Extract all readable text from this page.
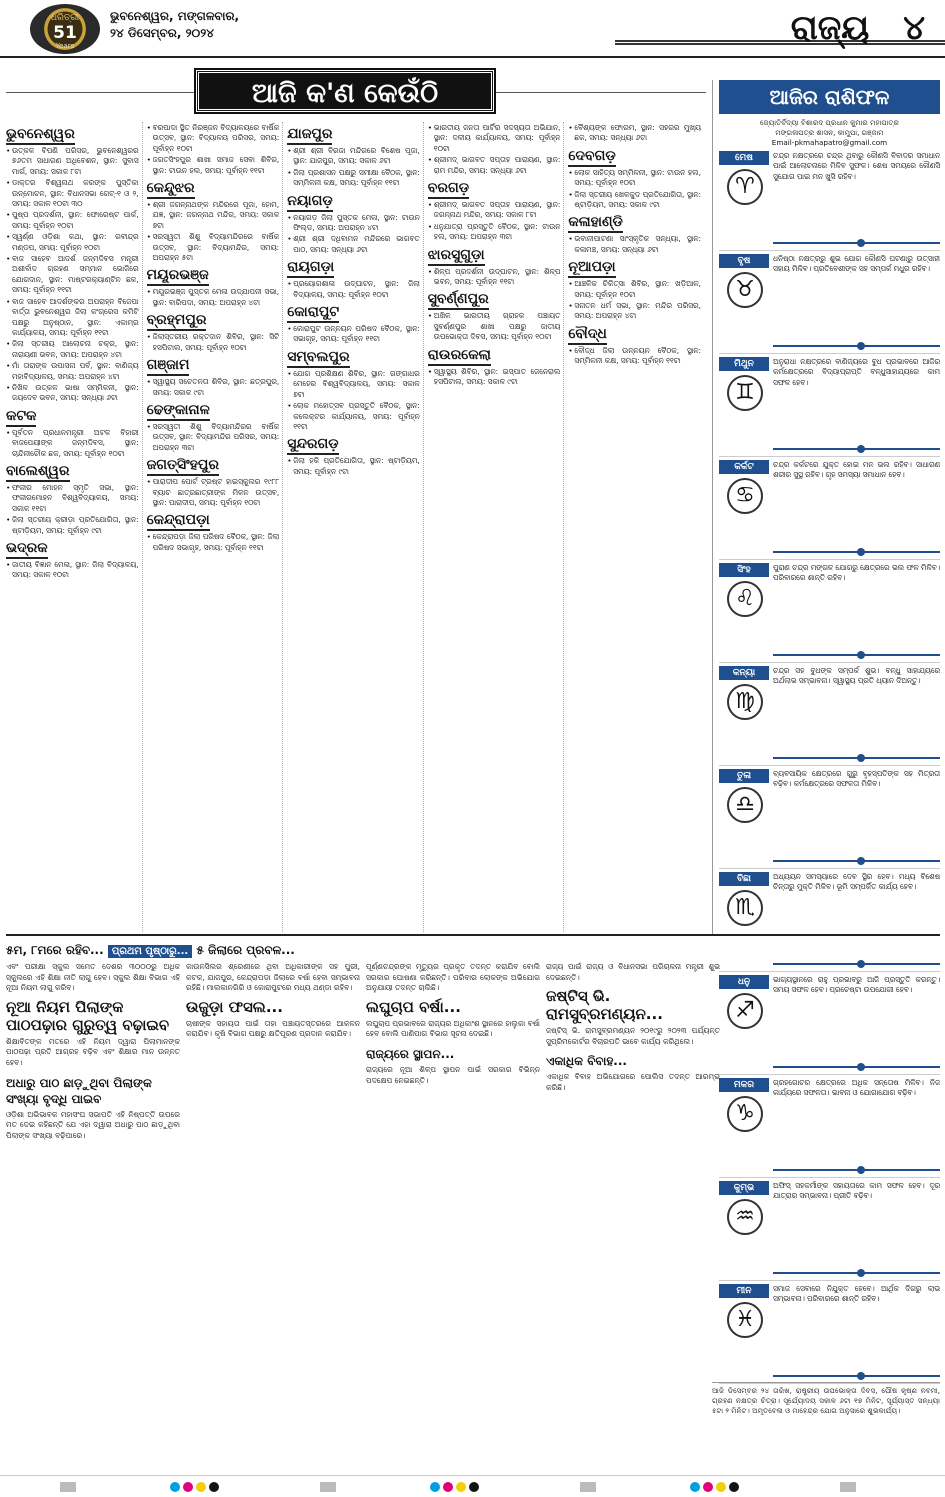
ଧରିତ୍ରୀ
51
Years
ଭୁବନେଶ୍ୱର, ମଙ୍ଗଳବାର,
୨୪ ଡିସେମ୍ବର, ୨୦୨୪	ରାଜ୍ୟ ୪
ଆଜି କ'ଣ କେଉଁଠି
ଭୁବନେଶ୍ୱର
• ଉତ୍କଳ ବିପଣି ପରିସର, ଭୁବନେଶ୍ୱରର ୭୬ତମ ସାଧାରଣ ଅଧିବେଶନ, ସ୍ଥାନ: ସୁବାସ ମାର୍ଗ, ସମୟ: ସକାଳ ୮ଟା
• ଡାକ୍ତର ବିଶ୍ୱନାଥ କରଙ୍କ ପୁସ୍ତିକା ଉନ୍ମୋଚନ, ସ୍ଥାନ: ବିଧାନସଭା ଗେଟ୍-୧ ଓ ୨, ସମୟ: ସକାଳ ୧୦ଟା ୩୦
• ପୁଷ୍ପ ପ୍ରଦର୍ଶନୀ, ସ୍ଥାନ: ଫୋରେଷ୍ଟ ପାର୍କ, ସମୟ: ପୂର୍ବାହ୍ନ ୧୦ଟା
• ସ୍ୱର୍ଣ୍ଣ ଓଡ଼ିଶା କଥା, ସ୍ଥାନ: ରବୀନ୍ଦ୍ର ମଣ୍ଡପ, ସମୟ: ପୂର୍ବାହ୍ନ ୧୦ଟା
• ବାଜ ସାହେବ ଆଦର୍ଶ ଜନ୍ମଦିବସ ମନ୍ତ୍ରୀ ଅଶୀର୍ବାଦ ଗ୍ରହଣ ସମ୍ମାନ ଭୋଜିରେ ଯୋଗଦାନ, ସ୍ଥାନ: ମାଷ୍ଟରକ୍ୟାଣ୍ଟିନ ଛକ, ସମୟ: ପୂର୍ବାହ୍ନ ୧୧ଟା
• ବାଜ ସାହେବ ଆଦର୍ଶଙ୍କର ଅପରାହ୍ନ ବିଜେପା ବାର୍ତ୍ତା ଭୁବନେଶ୍ୱର ଜିଲା କଂଗ୍ରେସ କମିଟି ପକ୍ଷରୁ ଅନୁଷ୍ଠାନ, ସ୍ଥାନ: ଏକାମ୍ର କାର୍ଯ୍ୟାଳୟ, ସମୟ: ପୂର୍ବାହ୍ନ ୧୧ଟା
• ଜିଲା ସ୍ତରୀୟ ଆଲୋଚନା ଚକ୍ର, ସ୍ଥାନ: ନାରାୟଣୀ ଭବନ, ସମୟ: ଅପରାହ୍ନ ୪ଟା
• ମାଁ ତାରାଙ୍କ ଉପାସନା ପର୍ବ, ସ୍ଥାନ: ବାଣିଜ୍ୟ ମହାବିଦ୍ୟାଳୟ, ସମୟ: ଅପରାହ୍ନ ୪ଟା
• ନିଖିଳ ଉତ୍କଳ ଭାଷା ସମ୍ମିଳନୀ, ସ୍ଥାନ: ଜୟଦେବ ଭବନ, ସମୟ: ସନ୍ଧ୍ୟା ୬ଟା
କଟକ
• ପୂର୍ବତନ ପ୍ରଧାନମନ୍ତ୍ରୀ ଅଟଳ ବିହାରୀ ବାଜପେୟୀଙ୍କ ଜନ୍ମଦିବସ, ସ୍ଥାନ: ଚାନ୍ଦିନୀଚୌକ ଛକ, ସମୟ: ପୂର୍ବାହ୍ନ ୧୦ଟା
ବାଲେଶ୍ୱର
• ଫକୀର ମୋହନ ସ୍ମୃତି ସଭା, ସ୍ଥାନ: ଫକୀରମୋହନ ବିଶ୍ୱବିଦ୍ୟାଳୟ, ସମୟ: ସକାଳ ୧୧ଟା
• ଜିଲା ସ୍ତରୀୟ କ୍ରୀଡ଼ା ପ୍ରତିଯୋଗିତା, ସ୍ଥାନ: ଷ୍ଟାଡ଼ିୟମ, ସମୟ: ପୂର୍ବାହ୍ନ ୯ଟା
ଭଦ୍ରକ
• ଜାତୀୟ ବିଜ୍ଞାନ ମେଳା, ସ୍ଥାନ: ଜିଲା ବିଦ୍ୟାଳୟ, ସମୟ: ସକାଳ ୧୦ଟା
• ବରପାଦା ସ୍ଥିତ ନିରଞ୍ଜନ ବିଦ୍ୟାଳୟରେ ବାର୍ଷିକ ଉତ୍ସବ, ସ୍ଥାନ: ବିଦ୍ୟାଳୟ ପରିସର, ସମୟ: ପୂର୍ବାହ୍ନ ୧୦ଟା
• ଜଗତସିଂହପୁର ଶାଖା ସମାଜ ସେବା ଶିବିର, ସ୍ଥାନ: ଟାଉନ ହଲ, ସମୟ: ପୂର୍ବାହ୍ନ ୧୧ଟା
କେନ୍ଦୁଝର
• ଶ୍ରୀ ଜଗନ୍ନାଥଙ୍କ ମନ୍ଦିରରେ ପୂଜା, ହୋମ, ଯଜ୍ଞ, ସ୍ଥାନ: ଜଗନ୍ନାଥ ମନ୍ଦିର, ସମୟ: ସକାଳ ୭ଟା
• ସରସ୍ୱତୀ ଶିଶୁ ବିଦ୍ୟାମନ୍ଦିରରେ ବାର୍ଷିକ ଉତ୍ସବ, ସ୍ଥାନ: ବିଦ୍ୟାମନ୍ଦିର, ସମୟ: ଅପରାହ୍ନ ୫ଟା
ମୟୂରଭଞ୍ଜ
• ମୟୂରଭଞ୍ଜ ପୁସ୍ତକ ମେଳା ଉଦ୍‌ଯାପନୀ ସଭା, ସ୍ଥାନ: ବାରିପଦା, ସମୟ: ଅପରାହ୍ନ ୪ଟା
ବ୍ରହ୍ମପୁର
• ଜିଲାସ୍ତରୀୟ ରକ୍ତଦାନ ଶିବିର, ସ୍ଥାନ: ସିଟି ହସପିଟାଲ, ସମୟ: ପୂର୍ବାହ୍ନ ୧୦ଟା
ଗଞ୍ଜାମ
• ସ୍ୱାସ୍ଥ୍ୟ ସଚେତନତା ଶିବିର, ସ୍ଥାନ: ଛତ୍ରପୁର, ସମୟ: ସକାଳ ୯ଟା
ଢେଙ୍କାନାଳ
• ସରସ୍ୱତୀ ଶିଶୁ ବିଦ୍ୟାମନ୍ଦିରର ବାର୍ଷିକ ଉତ୍ସବ, ସ୍ଥାନ: ବିଦ୍ୟାମନ୍ଦିର ପରିସର, ସମୟ: ଅପରାହ୍ନ ୩ଟା
ଜଗତ୍‌ସିଂହପୁର
• ପାରାଦୀପ ପୋର୍ଟ ଟ୍ରଷ୍ଟ ହାଇସ୍କୁଲର ୧୯୮୮ ବ୍ୟାଚ ଛାତ୍ରଛାତ୍ରୀଙ୍କ ମିଳନ ଉତ୍ସବ, ସ୍ଥାନ: ପାରାଦୀପ, ସମୟ: ପୂର୍ବାହ୍ନ ୧୦ଟା
କେନ୍ଦ୍ରାପଡ଼ା
• କେନ୍ଦ୍ରାପଡ଼ା ଜିଲା ପରିଷଦ ବୈଠକ, ସ୍ଥାନ: ଜିଲା ପରିଷଦ ସଭାଗୃହ, ସମୟ: ପୂର୍ବାହ୍ନ ୧୧ଟା
ଯାଜପୁର
• ଶ୍ରୀ ଶ୍ରୀ ବିରଜା ମନ୍ଦିରରେ ବିଶେଷ ପୂଜା, ସ୍ଥାନ: ଯାଜପୁର, ସମୟ: ସକାଳ ୬ଟା
• ଜିଲା ପ୍ରଶାସନ ପକ୍ଷରୁ ସମୀକ୍ଷା ବୈଠକ, ସ୍ଥାନ: ସମ୍ମିଳନୀ କକ୍ଷ, ସମୟ: ପୂର୍ବାହ୍ନ ୧୧ଟା
ନୟାଗଡ଼
• ନୟାଗଡ଼ ଜିଲା ପୁସ୍ତକ ମେଳା, ସ୍ଥାନ: ଟାଉନ ଫିଲ୍ଡ, ସମୟ: ଅପରାହ୍ନ ୪ଟା
• ଶ୍ରୀ ଶ୍ରୀ ଦଧିବାମନ ମନ୍ଦିରରେ ଭାଗବତ ପାଠ, ସମୟ: ସନ୍ଧ୍ୟା ୬ଟା
ରାୟଗଡ଼ା
• ପ୍ରୟୋଗଶାଳା ଉଦ୍‌ଘାଟନ, ସ୍ଥାନ: ଜିଲା ବିଦ୍ୟାଳୟ, ସମୟ: ପୂର୍ବାହ୍ନ ୧୦ଟା
କୋରାପୁଟ
• କୋରାପୁଟ ଉନ୍ନୟନ ପରିଷଦ ବୈଠକ, ସ୍ଥାନ: ସଭାଗୃହ, ସମୟ: ପୂର୍ବାହ୍ନ ୧୧ଟା
ସମ୍ବଲପୁର
• ଯୋଗ ପ୍ରଶିକ୍ଷଣ ଶିବିର, ସ୍ଥାନ: ଗଙ୍ଗାଧର ମେହେର ବିଶ୍ୱବିଦ୍ୟାଳୟ, ସମୟ: ସକାଳ ୭ଟା
• ଲୋକ ମହୋତ୍ସବ ପ୍ରସ୍ତୁତି ବୈଠକ, ସ୍ଥାନ: କଲେକ୍ଟର କାର୍ଯ୍ୟାଳୟ, ସମୟ: ପୂର୍ବାହ୍ନ ୧୧ଟା
ସୁନ୍ଦରଗଡ଼
• ଜିଲା ହକି ପ୍ରତିଯୋଗିତା, ସ୍ଥାନ: ଷ୍ଟାଡ଼ିୟମ, ସମୟ: ପୂର୍ବାହ୍ନ ୯ଟା
• ଭାରତୀୟ ଜନତା ପାର୍ଟିର ସଦସ୍ୟତା ଅଭିଯାନ, ସ୍ଥାନ: ଦଳୀୟ କାର୍ଯ୍ୟାଳୟ, ସମୟ: ପୂର୍ବାହ୍ନ ୧୦ଟା
• ଶ୍ରୀମଦ୍ ଭାଗବତ ସପ୍ତାହ ପାରାୟଣ, ସ୍ଥାନ: ରାମ ମନ୍ଦିର, ସମୟ: ସନ୍ଧ୍ୟା ୬ଟା
ବରଗଡ଼
• ଶ୍ରୀମଦ୍ ଭାଗବତ ସପ୍ତାହ ପାରାୟଣ, ସ୍ଥାନ: ଜଗନ୍ନାଥ ମନ୍ଦିର, ସମୟ: ସକାଳ ୮ଟା
• ଧନୁଯାତ୍ରା ପ୍ରସ୍ତୁତି ବୈଠକ, ସ୍ଥାନ: ଟାଉନ ହଲ, ସମୟ: ଅପରାହ୍ନ ୩ଟା
ଝାରସୁଗୁଡ଼ା
• ଶିଳ୍ପ ପ୍ରଦର୍ଶନୀ ଉଦ୍‌ଘାଟନ, ସ୍ଥାନ: ଶିଳ୍ପ ଭବନ, ସମୟ: ପୂର୍ବାହ୍ନ ୧୧ଟା
ସୁବର୍ଣ୍ଣପୁର
• ଅଖିଳ ଭାରତୀୟ ଗ୍ରାହକ ପଞ୍ଚାୟତ ସୁବର୍ଣ୍ଣପୁର ଶାଖା ପକ୍ଷରୁ ଜାତୀୟ ଉପଭୋକ୍ତା ଦିବସ, ସମୟ: ପୂର୍ବାହ୍ନ ୧୦ଟା
ରାଉରକେଲା
• ସ୍ୱାସ୍ଥ୍ୟ ଶିବିର, ସ୍ଥାନ: ଇସ୍ପାତ ଜେନେରାଲ ହସପିଟାଲ, ସମୟ: ସକାଳ ୯ଟା
• ବୈଶ୍ୟଙ୍କ ଫୋରମ, ସ୍ଥାନ: ସହରର ମୁଖ୍ୟ ଛକ, ସମୟ: ସନ୍ଧ୍ୟା ୬ଟା
ଦେବଗଡ଼
• ଲୋକ ସାହିତ୍ୟ ସମ୍ମିଳନୀ, ସ୍ଥାନ: ଟାଉନ ହଲ, ସମୟ: ପୂର୍ବାହ୍ନ ୧୦ଟା
• ଜିଲା ସ୍ତରୀୟ ଖେଳକୁଦ ପ୍ରତିଯୋଗିତା, ସ୍ଥାନ: ଷ୍ଟାଡ଼ିୟମ, ସମୟ: ସକାଳ ୯ଟା
କଳାହାଣ୍ଡି
• ଭବାନୀପାଟଣା ସାଂସ୍କୃତିକ ସନ୍ଧ୍ୟା, ସ୍ଥାନ: କଳାମଞ୍ଚ, ସମୟ: ସନ୍ଧ୍ୟା ୬ଟା
ନୂଆପଡ଼ା
• ଆଞ୍ଚଳିକ ଚିକିତ୍ସା ଶିବିର, ସ୍ଥାନ: ଖଡ଼ିଆଳ, ସମୟ: ପୂର୍ବାହ୍ନ ୧୦ଟା
• ସନାତନ ଧର୍ମ ସଭା, ସ୍ଥାନ: ମନ୍ଦିର ପରିସର, ସମୟ: ଅପରାହ୍ନ ୪ଟା
ବୌଦ୍ଧ
• ବୌଦ୍ଧ ଜିଲା ଉନ୍ନୟନ ବୈଠକ, ସ୍ଥାନ: ସମ୍ମିଳନୀ କକ୍ଷ, ସମୟ: ପୂର୍ବାହ୍ନ ୧୧ଟା
ଆଜିର ରାଶିଫଳ
ଜ୍ୟୋତିର୍ବିଦ୍ୟା ବିଶାରଦ ପ୍ରଧାନ କୁମାର ମହାପାତ୍ର
ମଙ୍ଗଳାପତ୍ର ଶାସନ, କାମୁପା, ଗଞ୍ଜାମ
Email-pkmahapatro@gmail.com
ମେଷ
♈
ଚନ୍ଦ୍ର ନକ୍ଷତ୍ରରେ ଚନ୍ଦ୍ର ଥିବାରୁ କୌଣସି ବିବାଦର ସମାଧାନ ପାଇଁ ଆଲୋଚନାରେ ମିଳିବ ସୁଫଳ। ଶେଷ ସମୟରେ କୌଣସି ସୁଯୋଗ ପାଇ ମନ ଖୁସି ରହିବ।
ବୃଷ
♉
ଧନିଷ୍ଠା ନକ୍ଷତ୍ରରୁ ଶୁଭ ଯୋଗ କୌଣସି ଘଟଣାରୁ ଉତ୍ସାହୀ ସହାୟ ମିଳିବ। ପ୍ରତିବେଶୀଙ୍କ ସହ ସମ୍ପର୍କ ମଧୁର ରହିବ।
ମିଥୁନ
♊
ଅନୁରାଧା ନକ୍ଷତ୍ରରେ ବାଣିଜ୍ୟରେ ବୁଧ ପ୍ରଭାବରେ ଆଜିର କର୍ମକ୍ଷେତ୍ରରେ ବିଦ୍ୟାପ୍ରାପ୍ତି ବନ୍ଧୁସାହାଯ୍ୟରେ କାମ ସଫଳ ହେବ।
କର୍କଟ
♋
ଚନ୍ଦ୍ର କର୍କଟରେ ଯୁକ୍ତ ହୋଇ ମନ ଭଲ ରହିବ। ସାଧାରଣ ଶରୀର ସୁସ୍ଥ ରହିବ। ଗୃହ ସମସ୍ୟା ସମାଧାନ ହେବ।
ସିଂହ
♌
ପୁରାଣ ଚନ୍ଦ୍ର ମଙ୍ଗଳ ଯୋଗରୁ କ୍ଷେତ୍ରରେ ଭଲ ଫଳ ମିଳିବ। ପରିବାରରେ ଶାନ୍ତି ରହିବ।
କନ୍ୟା
♍
ଚନ୍ଦ୍ର ସହ ବୁଧଙ୍କ ସମ୍ପର୍କ ଶୁଭ। ବନ୍ଧୁ ସାହାଯ୍ୟରେ ଅର୍ଥଲାଭ ସମ୍ଭାବନା। ସ୍ୱାସ୍ଥ୍ୟ ପ୍ରତି ଧ୍ୟାନ ଦିଅନ୍ତୁ।
ତୁଳା
♎
ବ୍ୟବସାୟିକ କ୍ଷେତ୍ରରେ ଗୁରୁ ବୃହସ୍ପତିଙ୍କ ସହ ମିତ୍ରତା ବଢ଼ିବ। କର୍ମକ୍ଷେତ୍ରରେ ସଫଳତା ମିଳିବ।
ବିଛା
♏
ଅଧ୍ୟୟନ ସମସ୍ୟାରେ ଦେବ ସ୍ଥିର ହେବ। ମଧ୍ୟ ବିଶେଷ ଚିନ୍ତାରୁ ମୁକ୍ତି ମିଳିବ। ଭୂମି ସମ୍ପର୍କିତ କାର୍ଯ୍ୟ ହେବ।
ଧନୁ
♐
ଭାଗ୍ୟସ୍ଥାନରେ ରାହୁ ପ୍ରଭାବରୁ ଆଜି ପ୍ରସ୍ତୁତି କରନ୍ତୁ। ସମୟ ସଫଳ ହେବ। ପ୍ରଚେଷ୍ଟା ଉପଯୋଗୀ ହେବ।
ମକର
♑
ଗ୍ରହଗୋଚର କ୍ଷେତ୍ରରେ ଅଧିକ ସନ୍ତୋଷ ମିଳିବ। ନିଜ କାର୍ଯ୍ୟରେ ସଫଳତା। ଭାବନା ଓ ଯୋଗାଯୋଗ ବଢ଼ିବ।
କୁମ୍ଭ
♒
ଅଫିସ୍ ସହକର୍ମୀଙ୍କ ସହାୟତାରେ କାମ ସଫଳ ହେବ। ଦୂର ଯାତ୍ରାର ସମ୍ଭାବନା। ପ୍ରୀତି ବଢ଼ିବ।
ମୀନ
♓
ସମାଜ ସେବାରେ ନିଯୁକ୍ତ ହେବେ। ଆର୍ଥିକ ଦିଗରୁ ଲାଭ ସମ୍ଭାବନା। ପରିବାରରେ ଶାନ୍ତି ରହିବ।
୫ମ, ୮ମରେ ରହିବ... ପ୍ରଥମ ପୃଷ୍ଠାରୁ... ୫ ଜିଲାରେ ପ୍ରବଳ...

ଏବଂ ପରୀକ୍ଷା ସ୍କୁଲ ସମେତ ଦେଶର ୩୦୦୦ରୁ ଅଧିକ ସ୍କୁଲରେ ଏହି ଶିକ୍ଷା ନୀତି ଲାଗୁ ହେବ। ସ୍କୁଲ ଶିକ୍ଷା ବିଭାଗ ଏହି ନୂଆ ନିୟମ ଲାଗୁ କରିବ।

ନୂଆ ନିୟମ ପିଲାଙ୍କ ପାଠପଢ଼ାର ଗୁରୁତ୍ୱ ବଢ଼ାଇବ

ଶିକ୍ଷାବିତଙ୍କ ମତରେ ଏହି ନିୟମ ଦ୍ୱାରା ପିଲାମାନଙ୍କ ପାଠପଢ଼ା ପ୍ରତି ଆଗ୍ରହ ବଢ଼ିବ ଏବଂ ଶିକ୍ଷାର ମାନ ଉନ୍ନତ ହେବ।

ଅଧାରୁ ପାଠ ଛାଡ଼ୁଥିବା ପିଲାଙ୍କ ସଂଖ୍ୟା ବୃଦ୍ଧି ପାଇବ

ଓଡ଼ିଶା ଅଭିଭାବକ ମହାସଂଘ ସଭାପତି ଏହି ନିଷ୍ପତ୍ତି ଉପରେ ମତ ଦେଇ କହିଛନ୍ତି ଯେ ଏହା ଦ୍ୱାରା ଅଧାରୁ ପାଠ ଛାଡ଼ୁଥିବା ପିଲାଙ୍କ ସଂଖ୍ୟା ବଢ଼ିପାରେ।

କାଉନସିଲର ଶ୍ରେଣୀରେ ଥିବା ଅଧିକାରୀଙ୍କ ସହ ପୁରୀ, କଟକ, ଯାଜପୁର, କେନ୍ଦ୍ରାପଡ଼ା ଜିଲାରେ ବର୍ଷା ହେବା ସମ୍ଭାବନା ରହିଛି। ମାଲକାନଗିରି ଓ କୋରାପୁଟରେ ମଧ୍ୟ ଥଣ୍ଡା ରହିବ।

ଉଜୁଡ଼ା ଫସଲ...

ଚାଷୀଙ୍କ ସହାୟତା ପାଇଁ ତାହା ପଞ୍ଚାୟତସ୍ତରରେ ଆକଳନ କରାଯିବ। କୃଷି ବିଭାଗ ପକ୍ଷରୁ କ୍ଷତିପୂରଣ ପ୍ରଦାନ କରାଯିବ।

ପୂର୍ଣ୍ଣଚନ୍ଦ୍ରଙ୍କ ମୃତ୍ୟୁର ପ୍ରକୃତ ତଦନ୍ତ କରାଯିବ ବୋଲି ସରକାର ଘୋଷଣା କରିଛନ୍ତି। ପରିବାର ଲୋକଙ୍କ ଅଭିଯୋଗ ଅନୁଯାୟୀ ତଦନ୍ତ ଚାଲିଛି।

ଲଘୁଚାପ ବର୍ଷା...

ଲଘୁଚାପ ପ୍ରଭାବରେ ରାଜ୍ୟର ଅଧିକାଂଶ ସ୍ଥାନରେ ହାଲୁକା ବର୍ଷା ହେବ ବୋଲି ପାଣିପାଗ ବିଭାଗ ସୂଚନା ଦେଇଛି।

ରାଜ୍ୟରେ ସ୍ଥାପନ...

ରାଜ୍ୟରେ ନୂଆ ଶିଳ୍ପ ସ୍ଥାପନ ପାଇଁ ସରକାର ବିଭିନ୍ନ ପଦକ୍ଷେପ ନେଇଛନ୍ତି।

ରାଜ୍ୟ ପାଇଁ ରାଜ୍ୟ ଓ ବିଧାନସଭା ପରିଚାଳନା ମନ୍ତ୍ରୀ ଶୁଭ ଦେଇଛନ୍ତି।

ଜଷ୍ଟିସ୍ ଭି. ରାମସୁବ୍ରମଣ୍ୟନ...

ଜଷ୍ଟିସ୍ ଭି. ରାମସୁବ୍ରମଣ୍ୟନ ୨୦୧୯ରୁ ୨୦୨୩ ପର୍ଯ୍ୟନ୍ତ ସୁପ୍ରିମକୋର୍ଟର ବିଚାରପତି ଭାବେ କାର୍ଯ୍ୟ କରିଥିଲେ।

ଏକାଧିକ ବିବାହ...

ଏକାଧିକ ବିବାହ ଅଭିଯୋଗରେ ପୋଲିସ ତଦନ୍ତ ଆରମ୍ଭ କରିଛି।

ଆଜି ଡିସେମ୍ବର ୨୪ ତାରିଖ, ରାଷ୍ଟ୍ରୀୟ ଉପଭୋକ୍ତା ଦିବସ, ପୌଷ କୃଷ୍ଣ ନବମୀ, ଗ୍ରହଣ ନକ୍ଷତ୍ର ଚିତ୍ରା। ସୂର୍ଯ୍ୟୋଦୟ ସକାଳ ୬ଟା ୧୭ ମିନିଟ, ସୂର୍ଯ୍ୟାସ୍ତ ସନ୍ଧ୍ୟା ୫ଟା ୨ ମିନିଟ। ଅମୃତବେଳା ଓ ମାହେନ୍ଦ୍ର ଯୋଗ ଅନୁସାରେ ଶୁଭକାର୍ଯ୍ୟ।
